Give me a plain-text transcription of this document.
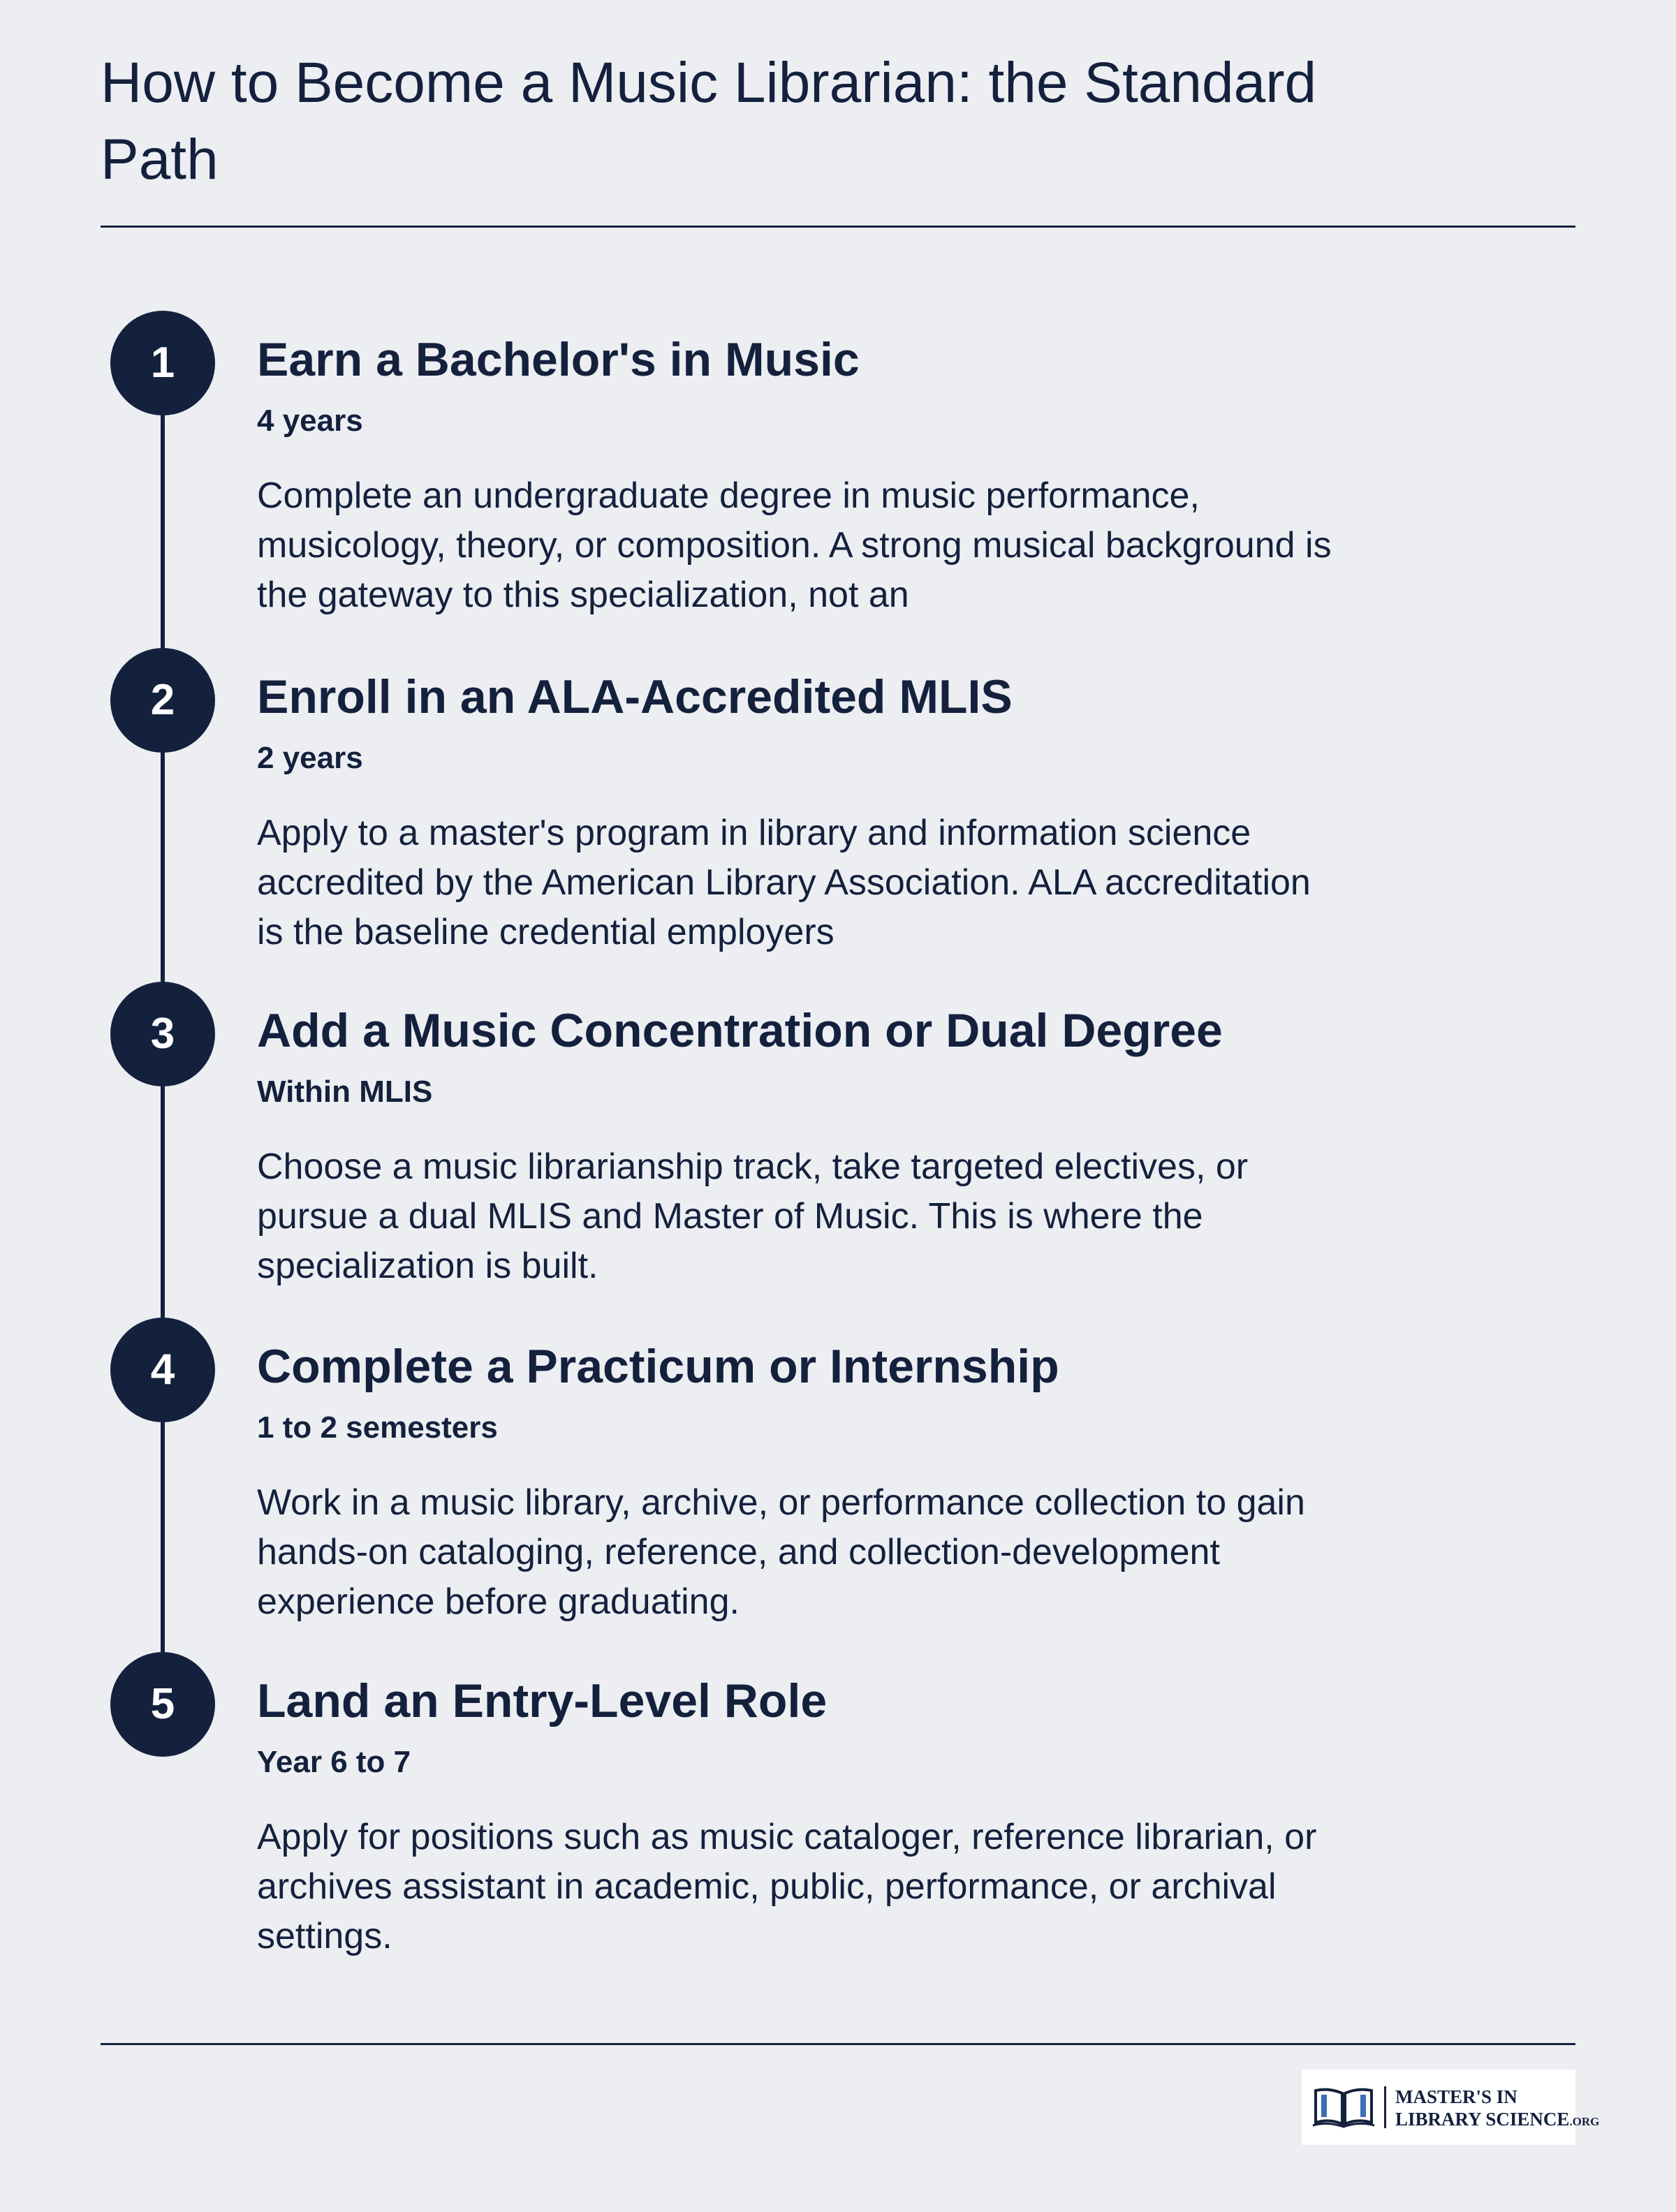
How to Become a Music Librarian: the Standard Path
1	Earn a Bachelor's in Music
4 years

Complete an undergraduate degree in music performance, musicology, theory, or composition. A strong musical background is the gateway to this specialization, not an

2	Enroll in an ALA-Accredited MLIS
2 years

Apply to a master's program in library and information science accredited by the American Library Association. ALA accreditation is the baseline credential employers

3	Add a Music Concentration or Dual Degree
Within MLIS

Choose a music librarianship track, take targeted electives, or pursue a dual MLIS and Master of Music. This is where the specialization is built.

4	Complete a Practicum or Internship
1 to 2 semesters

Work in a music library, archive, or performance collection to gain hands-on cataloging, reference, and collection-development experience before graduating.

5	Land an Entry-Level Role
Year 6 to 7

Apply for positions such as music cataloger, reference librarian, or archives assistant in academic, public, performance, or archival settings.

MASTER'S IN
LIBRARY SCIENCE.ORG
